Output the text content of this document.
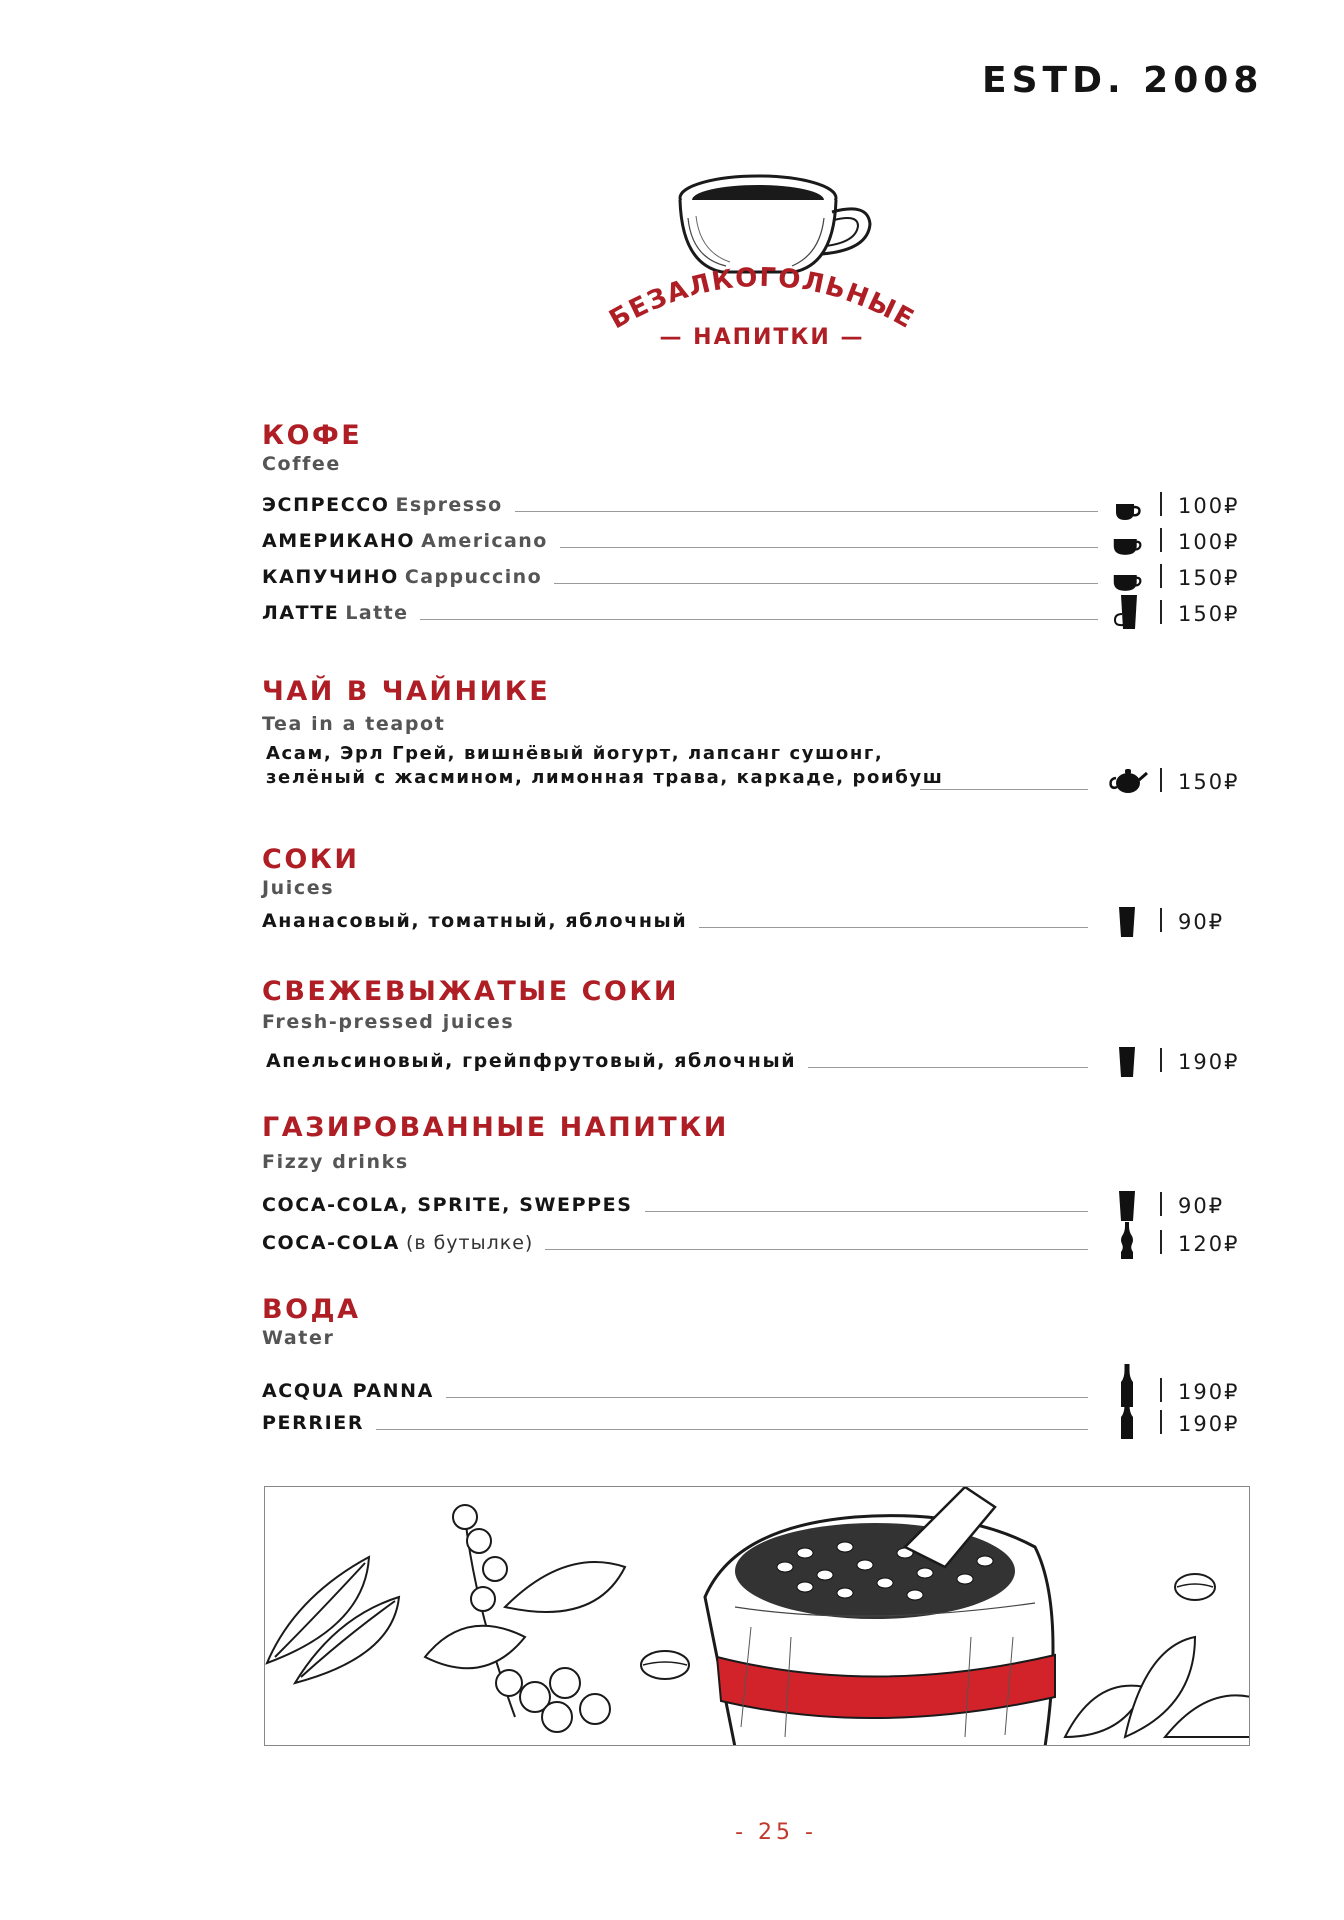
ESTD. 2008
БЕЗАЛКОГОЛЬНЫЕ
— НАПИТКИ —
КОФЕ
Coffee
ЭСПРЕССО Espresso	100₽
АМЕРИКАНО Americano	100₽
КАПУЧИНО Cappuccino	150₽
ЛАТТЕ Latte	150₽
ЧАЙ В ЧАЙНИКЕ
Tea in a teapot
Асам, Эрл Грей, вишнёвый йогурт, лапсанг сушонг,
зелёный с жасмином, лимонная трава, каркаде, роибуш	150₽
СОКИ
Juices
Ананасовый, томатный, яблочный	90₽
СВЕЖЕВЫЖАТЫЕ СОКИ
Fresh-pressed juices
Апельсиновый, грейпфрутовый, яблочный	190₽
ГАЗИРОВАННЫЕ НАПИТКИ
Fizzy drinks
COCA-COLA, SPRITE, SWEPPES	90₽
COCA-COLA (в бутылке)	120₽
ВОДА
Water
ACQUA PANNA	190₽
PERRIER	190₽
- 25 -
